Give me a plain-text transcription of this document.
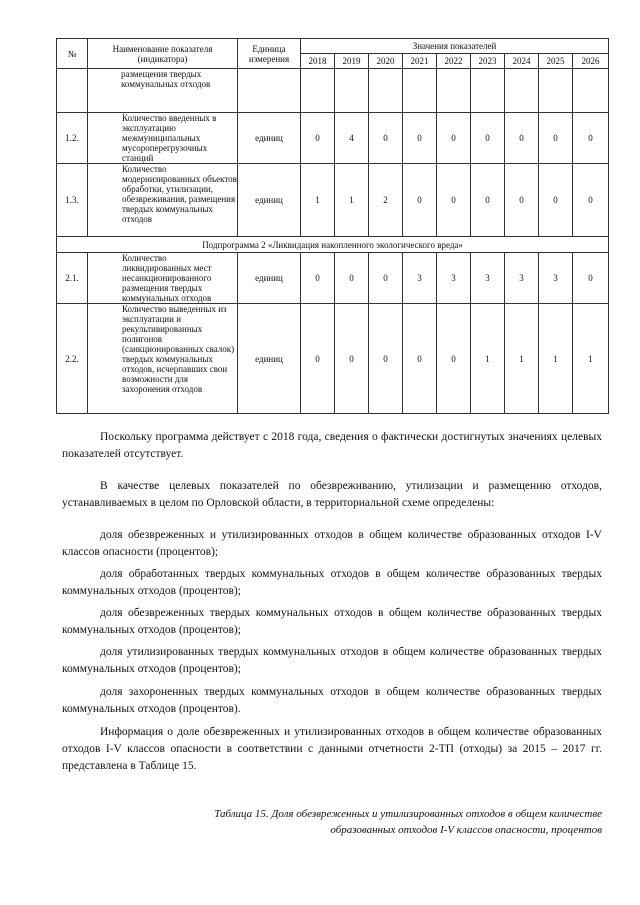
№	Наименование показателя (индикатора)	Единица измерения	Значения показателей								
			2018	2019	2020	2021	2022	2023	2024	2025	2026
	размещения твердых коммунальных отходов										
1.2.	Количество введенных в эксплуатацию межмуниципальных мусороперегрузочных станций	единиц	0	4	0	0	0	0	0	0	0
1.3.	Количество модернизированных объектов обработки, утилизации, обезвреживания, размещения твердых коммунальных отходов	единиц	1	1	2	0	0	0	0	0	0
Подпрограмма 2 «Ликвидация накопленного экологического вреда»											
2.1.	Количество ликвидированных мест несанкционированного размещения твердых коммунальных отходов	единиц	0	0	0	3	3	3	3	3	0
2.2.	Количество выведенных из эксплуатации и рекультивированных полигонов (санкционированных свалок) твердых коммунальных отходов, исчерпавших свои возможности для захоронения отходов	единиц	0	0	0	0	0	1	1	1	1

Поскольку программа действует с 2018 года, сведения о фактически достигнутых значениях целевых показателей отсутствует.

В качестве целевых показателей по обезвреживанию, утилизации и размещению отходов, устанавливаемых в целом по Орловской области, в территориальной схеме определены:

доля обезвреженных и утилизированных отходов в общем количестве образованных отходов I-V классов опасности (процентов);

доля обработанных твердых коммунальных отходов в общем количестве образованных твердых коммунальных отходов (процентов);

доля обезвреженных твердых коммунальных отходов в общем количестве образованных твердых коммунальных отходов (процентов);

доля утилизированных твердых коммунальных отходов в общем количестве образованных твердых коммунальных отходов (процентов);

доля захороненных твердых коммунальных отходов в общем количестве образованных твердых коммунальных отходов (процентов).

Информация о доле обезвреженных и утилизированных отходов в общем количестве образованных отходов I-V классов опасности в соответствии с данными отчетности 2-ТП (отходы) за 2015 – 2017 гг. представлена в Таблице 15.

Таблица 15. Доля обезвреженных и утилизированных отходов в общем количестве
образованных отходов I-V классов опасности, процентов
